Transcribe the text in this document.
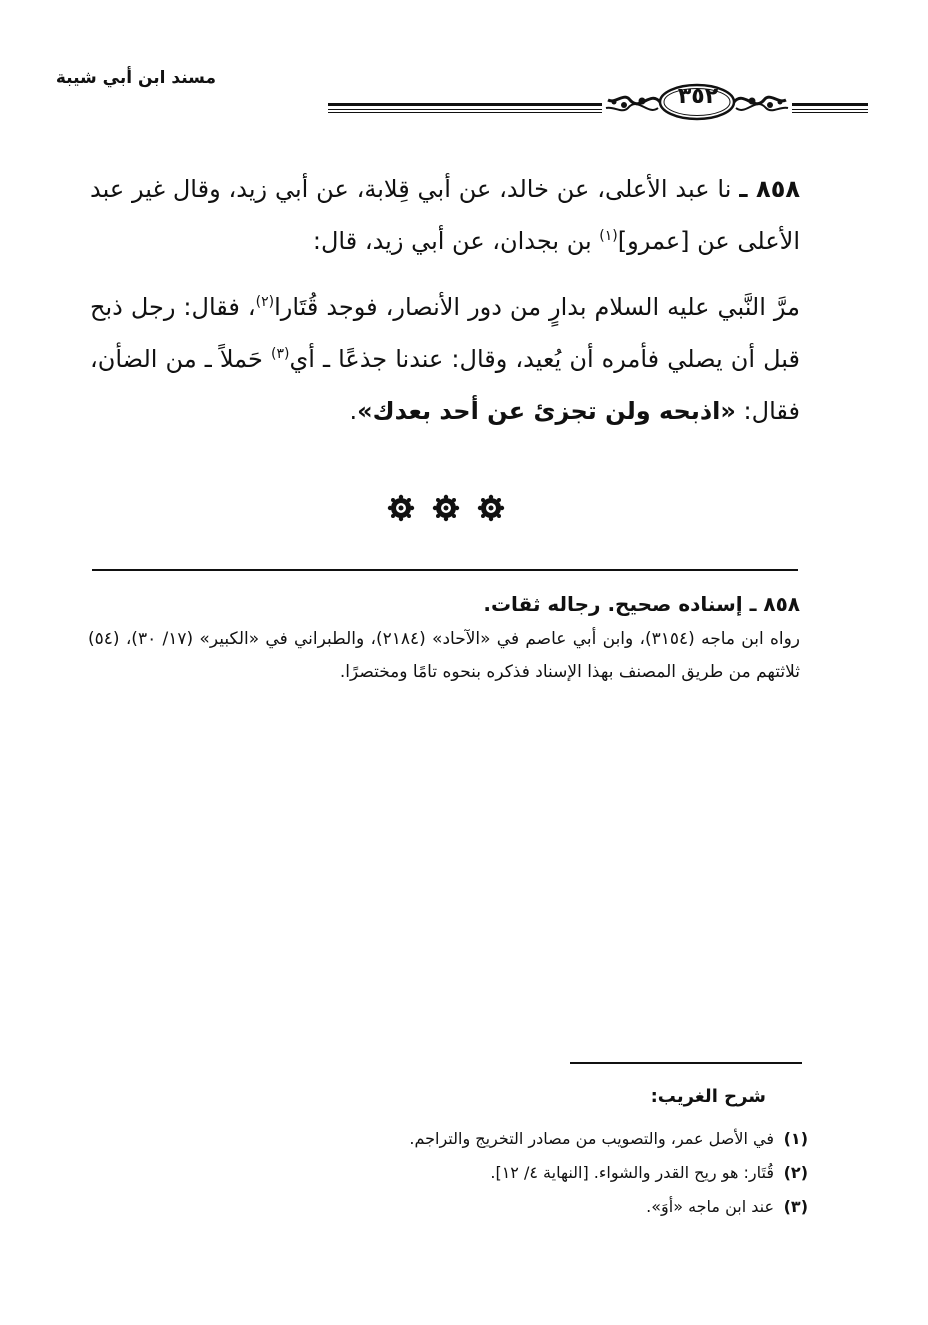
مسند ابن أبي شيبة
٣٥٢

٨٥٨ ـ نا عبد الأعلى، عن خالد، عن أبي قِلابة، عن أبي زيد، وقال غير عبد الأعلى عن [عمرو]$^{(١)}$ بن بجدان، عن أبي زيد، قال:

مرَّ النَّبي عليه السلام بدارٍ من دور الأنصار، فوجد قُتَارا$^{(٢)}$، فقال: رجل ذبح قبل أن يصلي فأمره أن يُعيد، وقال: عندنا جذعًا ـ أي$^{(٣)}$ حَملاً ـ من الضأن، فقال: «اذبحه ولن تجزئ عن أحد بعدك».

٨٥٨ ـ إسناده صحيح. رجاله ثقات.

رواه ابن ماجه (٣١٥٤)، وابن أبي عاصم في «الآحاد» (٢١٨٤)، والطبراني في «الكبير» (١٧/ ٣٠)، (٥٤) ثلاثتهم من طريق المصنف بهذا الإسناد فذكره بنحوه تامًا ومختصرًا.

شرح الغريب:
(١)في الأصل عمر، والتصويب من مصادر التخريج والتراجم.
(٢)قُتَار: هو ريح القدر والشواء. [النهاية ٤/ ١٢].
(٣)عند ابن ماجه «أوَ».
